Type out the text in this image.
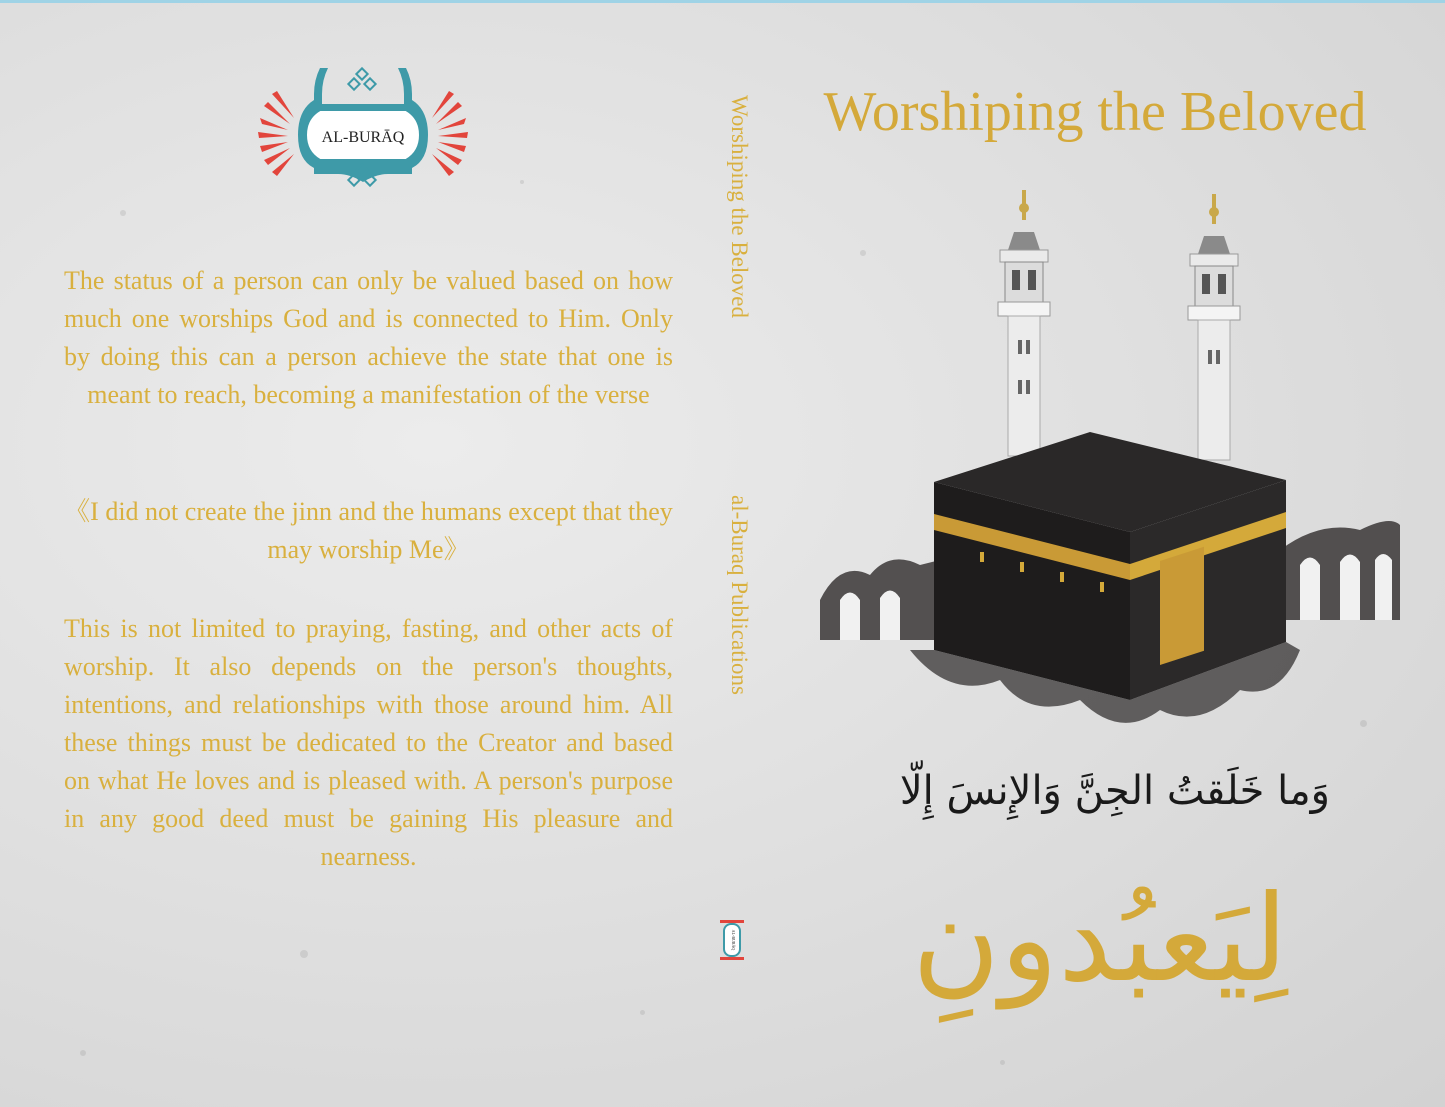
AL-BURĀQ
The status of a person can only be valued based on how much one worships God and is connected to Him. Only by doing this can a person achieve the state that one is meant to reach, becoming a manifestation of the verse
《I did not create the jinn and the humans except that they may worship Me》
This is not limited to praying, fasting, and other acts of worship. It also depends on the person's thoughts, intentions, and relationships with those around him. All these things must be dedicated to the Creator and based on what He loves and is pleased with. A person's purpose in any good deed must be gaining His pleasure and nearness.
Worshiping the Beloved
al-Buraq Publications
AL-BURĀQ
Worshiping the Beloved
وَما خَلَقتُ الجِنَّ وَالإِنسَ إِلّا
لِيَعبُدونِ
